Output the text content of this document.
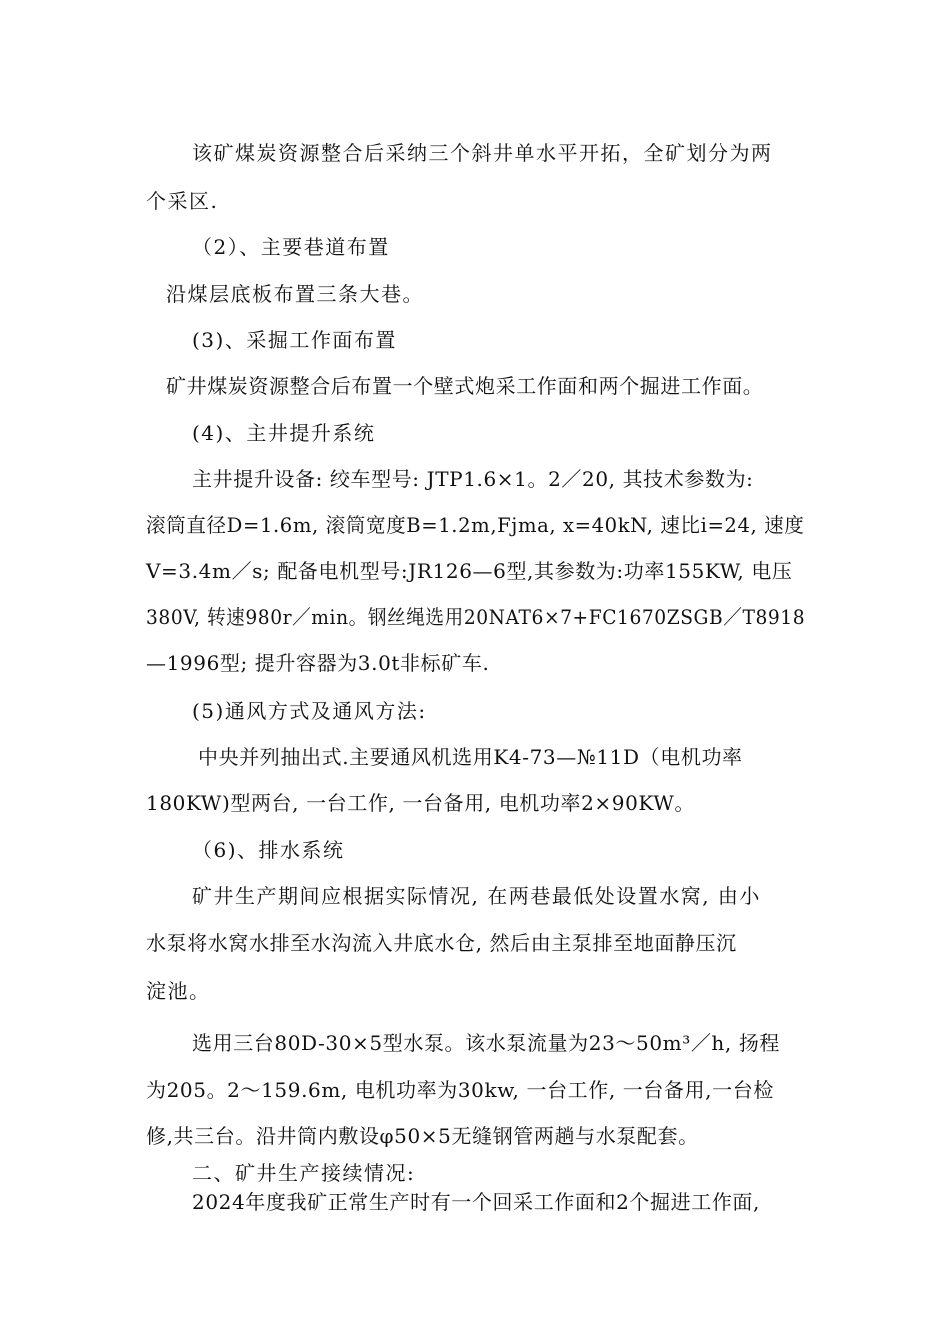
该矿煤炭资源整合后采纳三个斜井单水平开拓，全矿划分为两
个采区.
（2）、主要巷道布置
沿煤层底板布置三条大巷。
(3)、采掘工作面布置
矿井煤炭资源整合后布置一个壁式炮采工作面和两个掘进工作面。
(4)、主井提升系统
主井提升设备: 绞车型号: JTP1.6×1。2／20, 其技术参数为:
滚筒直径D=1.6m, 滚筒宽度B=1.2m,Fjma, x=40kN, 速比i=24, 速度
V=3.4m／s; 配备电机型号:JR126—6型,其参数为:功率155KW, 电压
380V, 转速980r／min。钢丝绳选用20NAT6×7+FC1670ZSGB／T8918
—1996型; 提升容器为3.0t非标矿车.
(5)通风方式及通风方法:
中央并列抽出式.主要通风机选用K4-73—№11D（电机功率
180KW)型两台, 一台工作, 一台备用, 电机功率2×90KW。
（6)、排水系统
矿井生产期间应根据实际情况, 在两巷最低处设置水窝, 由小
水泵将水窝水排至水沟流入井底水仓, 然后由主泵排至地面静压沉
淀池。
选用三台80D-30×5型水泵。该水泵流量为23～50m³／h, 扬程
为205。2～159.6m, 电机功率为30kw, 一台工作, 一台备用,一台检
修,共三台。沿井筒内敷设φ50×5无缝钢管两趟与水泵配套。
二、矿井生产接续情况:
2024年度我矿正常生产时有一个回采工作面和2个掘进工作面,
